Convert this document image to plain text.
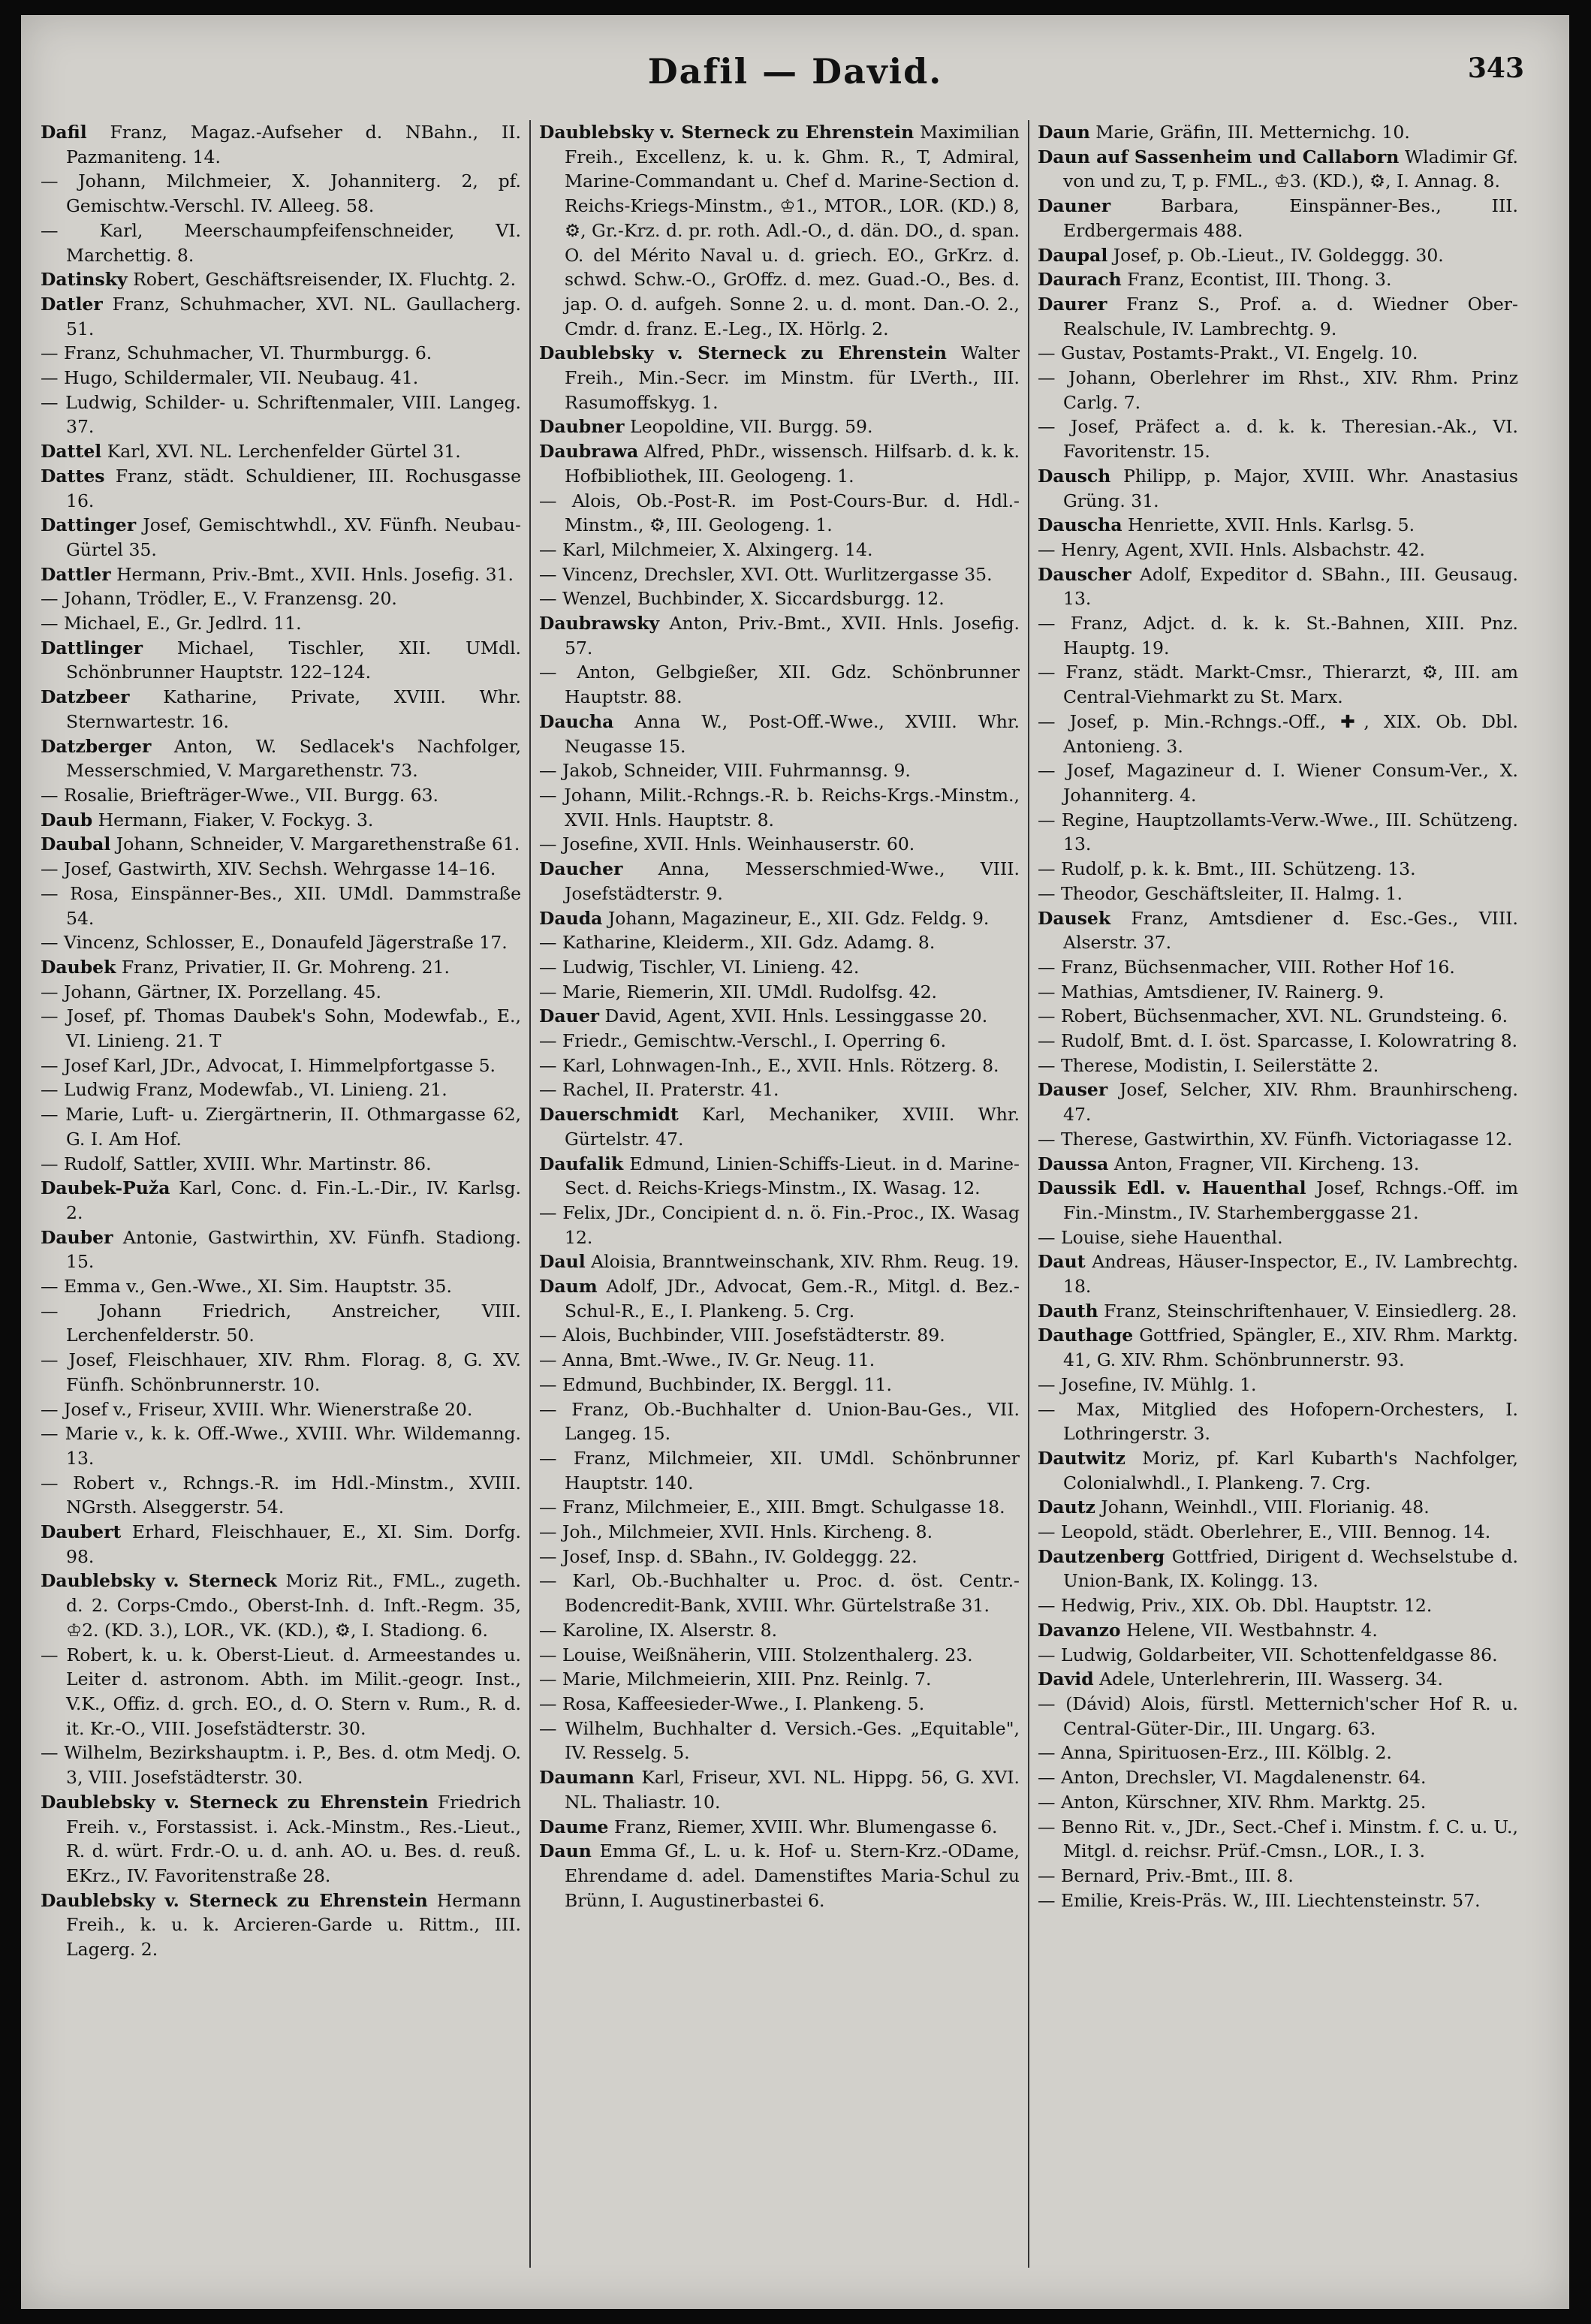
Dafil — David.	343

Dafil Franz, Magaz.-Aufseher d. NBahn., II. Pazmaniteng. 14.

— Johann, Milchmeier, X. Johanniterg. 2, pf. Gemischtw.-Verschl. IV. Alleeg. 58.

— Karl, Meerschaumpfeifenschneider, VI. Marchettig. 8.

Datinsky Robert, Geschäftsreisender, IX. Fluchtg. 2.

Datler Franz, Schuhmacher, XVI. NL. Gaullacherg. 51.

— Franz, Schuhmacher, VI. Thurmburgg. 6.

— Hugo, Schildermaler, VII. Neubaug. 41.

— Ludwig, Schilder- u. Schriftenmaler, VIII. Langeg. 37.

Dattel Karl, XVI. NL. Lerchenfelder Gürtel 31.

Dattes Franz, städt. Schuldiener, III. Rochusgasse 16.

Dattinger Josef, Gemischtwhdl., XV. Fünfh. Neubau-Gürtel 35.

Dattler Hermann, Priv.-Bmt., XVII. Hnls. Josefig. 31.

— Johann, Trödler, E., V. Franzensg. 20.

— Michael, E., Gr. Jedlrd. 11.

Dattlinger Michael, Tischler, XII. UMdl. Schönbrunner Hauptstr. 122–124.

Datzbeer Katharine, Private, XVIII. Whr. Sternwartestr. 16.

Datzberger Anton, W. Sedlacek's Nachfolger, Messerschmied, V. Margarethenstr. 73.

— Rosalie, Briefträger-Wwe., VII. Burgg. 63.

Daub Hermann, Fiaker, V. Fockyg. 3.

Daubal Johann, Schneider, V. Margarethenstraße 61.

— Josef, Gastwirth, XIV. Sechsh. Wehrgasse 14–16.

— Rosa, Einspänner-Bes., XII. UMdl. Dammstraße 54.

— Vincenz, Schlosser, E., Donaufeld Jägerstraße 17.

Daubek Franz, Privatier, II. Gr. Mohreng. 21.

— Johann, Gärtner, IX. Porzellang. 45.

— Josef, pf. Thomas Daubek's Sohn, Modewfab., E., VI. Linieng. 21. T

— Josef Karl, JDr., Advocat, I. Himmelpfortgasse 5.

— Ludwig Franz, Modewfab., VI. Linieng. 21.

— Marie, Luft- u. Ziergärtnerin, II. Othmargasse 62, G. I. Am Hof.

— Rudolf, Sattler, XVIII. Whr. Martinstr. 86.

Daubek-Puža Karl, Conc. d. Fin.-L.-Dir., IV. Karlsg. 2.

Dauber Antonie, Gastwirthin, XV. Fünfh. Stadiong. 15.

— Emma v., Gen.-Wwe., XI. Sim. Hauptstr. 35.

— Johann Friedrich, Anstreicher, VIII. Lerchenfelderstr. 50.

— Josef, Fleischhauer, XIV. Rhm. Florag. 8, G. XV. Fünfh. Schönbrunnerstr. 10.

— Josef v., Friseur, XVIII. Whr. Wienerstraße 20.

— Marie v., k. k. Off.-Wwe., XVIII. Whr. Wildemanng. 13.

— Robert v., Rchngs.-R. im Hdl.-Minstm., XVIII. NGrsth. Alseggerstr. 54.

Daubert Erhard, Fleischhauer, E., XI. Sim. Dorfg. 98.

Daublebsky v. Sterneck Moriz Rit., FML., zugeth. d. 2. Corps-Cmdo., Oberst-Inh. d. Inft.-Regm. 35, ♔2. (KD. 3.), LOR., VK. (KD.), ⚙, I. Stadiong. 6.

— Robert, k. u. k. Oberst-Lieut. d. Armeestandes u. Leiter d. astronom. Abth. im Milit.-geogr. Inst., V.K., Offiz. d. grch. EO., d. O. Stern v. Rum., R. d. it. Kr.-O., VIII. Josefstädterstr. 30.

— Wilhelm, Bezirkshauptm. i. P., Bes. d. otm Medj. O. 3, VIII. Josefstädterstr. 30.

Daublebsky v. Sterneck zu Ehrenstein Friedrich Freih. v., Forstassist. i. Ack.-Minstm., Res.-Lieut., R. d. würt. Frdr.-O. u. d. anh. AO. u. Bes. d. reuß. EKrz., IV. Favoritenstraße 28.

Daublebsky v. Sterneck zu Ehrenstein Hermann Freih., k. u. k. Arcieren-Garde u. Rittm., III. Lagerg. 2.

Daublebsky v. Sterneck zu Ehrenstein Maximilian Freih., Excellenz, k. u. k. Ghm. R., T, Admiral, Marine-Commandant u. Chef d. Marine-Section d. Reichs-Kriegs-Minstm., ♔1., MTOR., LOR. (KD.) 8, ⚙, Gr.-Krz. d. pr. roth. Adl.-O., d. dän. DO., d. span. O. del Mérito Naval u. d. griech. EO., GrKrz. d. schwd. Schw.-O., GrOffz. d. mez. Guad.-O., Bes. d. jap. O. d. aufgeh. Sonne 2. u. d. mont. Dan.-O. 2., Cmdr. d. franz. E.-Leg., IX. Hörlg. 2.

Daublebsky v. Sterneck zu Ehrenstein Walter Freih., Min.-Secr. im Minstm. für LVerth., III. Rasumoffskyg. 1.

Daubner Leopoldine, VII. Burgg. 59.

Daubrawa Alfred, PhDr., wissensch. Hilfsarb. d. k. k. Hofbibliothek, III. Geologeng. 1.

— Alois, Ob.-Post-R. im Post-Cours-Bur. d. Hdl.-Minstm., ⚙, III. Geologeng. 1.

— Karl, Milchmeier, X. Alxingerg. 14.

— Vincenz, Drechsler, XVI. Ott. Wurlitzergasse 35.

— Wenzel, Buchbinder, X. Siccardsburgg. 12.

Daubrawsky Anton, Priv.-Bmt., XVII. Hnls. Josefig. 57.

— Anton, Gelbgießer, XII. Gdz. Schönbrunner Hauptstr. 88.

Daucha Anna W., Post-Off.-Wwe., XVIII. Whr. Neugasse 15.

— Jakob, Schneider, VIII. Fuhrmannsg. 9.

— Johann, Milit.-Rchngs.-R. b. Reichs-Krgs.-Minstm., XVII. Hnls. Hauptstr. 8.

— Josefine, XVII. Hnls. Weinhauserstr. 60.

Daucher Anna, Messerschmied-Wwe., VIII. Josefstädterstr. 9.

Dauda Johann, Magazineur, E., XII. Gdz. Feldg. 9.

— Katharine, Kleiderm., XII. Gdz. Adamg. 8.

— Ludwig, Tischler, VI. Linieng. 42.

— Marie, Riemerin, XII. UMdl. Rudolfsg. 42.

Dauer David, Agent, XVII. Hnls. Lessinggasse 20.

— Friedr., Gemischtw.-Verschl., I. Operring 6.

— Karl, Lohnwagen-Inh., E., XVII. Hnls. Rötzerg. 8.

— Rachel, II. Praterstr. 41.

Dauerschmidt Karl, Mechaniker, XVIII. Whr. Gürtelstr. 47.

Daufalik Edmund, Linien-Schiffs-Lieut. in d. Marine-Sect. d. Reichs-Kriegs-Minstm., IX. Wasag. 12.

— Felix, JDr., Concipient d. n. ö. Fin.-Proc., IX. Wasag 12.

Daul Aloisia, Branntweinschank, XIV. Rhm. Reug. 19.

Daum Adolf, JDr., Advocat, Gem.-R., Mitgl. d. Bez.-Schul-R., E., I. Plankeng. 5. Crg.

— Alois, Buchbinder, VIII. Josefstädterstr. 89.

— Anna, Bmt.-Wwe., IV. Gr. Neug. 11.

— Edmund, Buchbinder, IX. Berggl. 11.

— Franz, Ob.-Buchhalter d. Union-Bau-Ges., VII. Langeg. 15.

— Franz, Milchmeier, XII. UMdl. Schönbrunner Hauptstr. 140.

— Franz, Milchmeier, E., XIII. Bmgt. Schulgasse 18.

— Joh., Milchmeier, XVII. Hnls. Kircheng. 8.

— Josef, Insp. d. SBahn., IV. Goldeggg. 22.

— Karl, Ob.-Buchhalter u. Proc. d. öst. Centr.-Bodencredit-Bank, XVIII. Whr. Gürtelstraße 31.

— Karoline, IX. Alserstr. 8.

— Louise, Weißnäherin, VIII. Stolzenthalerg. 23.

— Marie, Milchmeierin, XIII. Pnz. Reinlg. 7.

— Rosa, Kaffeesieder-Wwe., I. Plankeng. 5.

— Wilhelm, Buchhalter d. Versich.-Ges. „Equitable", IV. Resselg. 5.

Daumann Karl, Friseur, XVI. NL. Hippg. 56, G. XVI. NL. Thaliastr. 10.

Daume Franz, Riemer, XVIII. Whr. Blumengasse 6.

Daun Emma Gf., L. u. k. Hof- u. Stern-Krz.-ODame, Ehrendame d. adel. Damenstiftes Maria-Schul zu Brünn, I. Augustinerbastei 6.

Daun Marie, Gräfin, III. Metternichg. 10.

Daun auf Sassenheim und Callaborn Wladimir Gf. von und zu, T, p. FML., ♔3. (KD.), ⚙, I. Annag. 8.

Dauner	Barbara, Einspänner-Bes., III. Erdbergermais 488.

Daupal Josef, p. Ob.-Lieut., IV. Goldeggg. 30.

Daurach Franz, Econtist, III. Thong. 3.

Daurer Franz S., Prof. a. d. Wiedner Ober-Realschule, IV. Lambrechtg. 9.

— Gustav, Postamts-Prakt., VI. Engelg. 10.

— Johann, Oberlehrer im Rhst., XIV. Rhm. Prinz Carlg. 7.

— Josef, Präfect a. d. k. k. Theresian.-Ak., VI. Favoritenstr. 15.

Dausch Philipp, p. Major, XVIII. Whr. Anastasius Grüng. 31.

Dauscha Henriette, XVII. Hnls. Karlsg. 5.

— Henry, Agent, XVII. Hnls. Alsbachstr. 42.

Dauscher Adolf, Expeditor d. SBahn., III. Geusaug. 13.

— Franz, Adjct. d. k. k. St.-Bahnen, XIII. Pnz. Hauptg. 19.

— Franz, städt. Markt-Cmsr., Thierarzt, ⚙, III. am Central-Viehmarkt zu St. Marx.

— Josef, p. Min.-Rchngs.-Off., ✚, XIX. Ob. Dbl. Antonieng. 3.

— Josef, Magazineur d. I. Wiener Consum-Ver., X. Johanniterg. 4.

— Regine, Hauptzollamts-Verw.-Wwe., III. Schützeng. 13.

— Rudolf, p. k. k. Bmt., III. Schützeng. 13.

— Theodor, Geschäftsleiter, II. Halmg. 1.

Dausek Franz, Amtsdiener d. Esc.-Ges., VIII. Alserstr. 37.

— Franz, Büchsenmacher, VIII. Rother Hof 16.

— Mathias, Amtsdiener, IV. Rainerg. 9.

— Robert, Büchsenmacher, XVI. NL. Grundsteing. 6.

— Rudolf, Bmt. d. I. öst. Sparcasse, I. Kolowratring 8.

— Therese, Modistin, I. Seilerstätte 2.

Dauser Josef, Selcher, XIV. Rhm. Braunhirscheng. 47.

— Therese, Gastwirthin, XV. Fünfh. Victoriagasse 12.

Daussa Anton, Fragner, VII. Kircheng. 13.

Daussik Edl. v. Hauenthal Josef, Rchngs.-Off. im Fin.-Minstm., IV. Starhemberggasse 21.

— Louise, siehe Hauenthal.

Daut Andreas, Häuser-Inspector, E., IV. Lambrechtg. 18.

Dauth Franz, Steinschriftenhauer, V. Einsiedlerg. 28.

Dauthage Gottfried, Spängler, E., XIV. Rhm. Marktg. 41, G. XIV. Rhm. Schönbrunnerstr. 93.

— Josefine, IV. Mühlg. 1.

— Max, Mitglied des Hofopern-Orchesters, I. Lothringerstr. 3.

Dautwitz Moriz, pf. Karl Kubarth's Nachfolger, Colonialwhdl., I. Plankeng. 7. Crg.

Dautz Johann, Weinhdl., VIII. Florianig. 48.

— Leopold, städt. Oberlehrer, E., VIII. Bennog. 14.

Dautzenberg Gottfried, Dirigent d. Wechselstube d. Union-Bank, IX. Kolingg. 13.

— Hedwig, Priv., XIX. Ob. Dbl. Hauptstr. 12.

Davanzo Helene, VII. Westbahnstr. 4.

— Ludwig, Goldarbeiter, VII. Schottenfeldgasse 86.

David Adele, Unterlehrerin, III. Wasserg. 34.

— (Dávid) Alois, fürstl. Metternich'scher Hof R. u. Central-Güter-Dir., III. Ungarg. 63.

— Anna, Spirituosen-Erz., III. Kölblg. 2.

— Anton, Drechsler, VI. Magdalenenstr. 64.

— Anton, Kürschner, XIV. Rhm. Marktg. 25.

— Benno Rit. v., JDr., Sect.-Chef i. Minstm. f. C. u. U., Mitgl. d. reichsr. Prüf.-Cmsn., LOR., I. 3.

— Bernard, Priv.-Bmt., III. 8.

— Emilie, Kreis-Präs. W., III. Liechtensteinstr. 57.
